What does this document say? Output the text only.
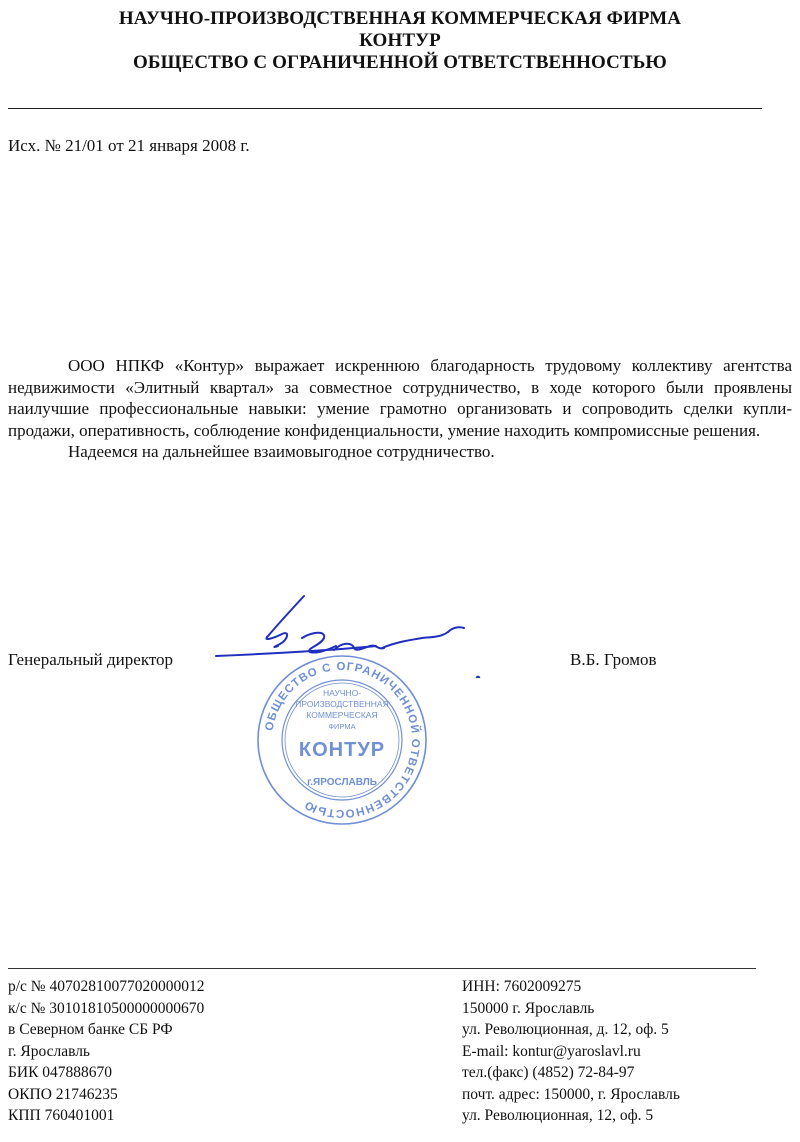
НАУЧНО-ПРОИЗВОДСТВЕННАЯ КОММЕРЧЕСКАЯ ФИРМА
КОНТУР
ОБЩЕСТВО С ОГРАНИЧЕННОЙ ОТВЕТСТВЕННОСТЬЮ
Исх. № 21/01 от 21 января 2008 г.

ООО НПКФ «Контур» выражает искреннюю благодарность трудовому коллективу агентства недвижимости «Элитный квартал» за совместное сотрудничество, в ходе которого были проявлены наилучшие профессиональные навыки: умение грамотно организовать и сопроводить сделки купли-продажи, оперативность, соблюдение конфиденциальности, умение находить компромиссные решения.

Надеемся на дальнейшее взаимовыгодное сотрудничество.

ОБЩЕСТВО С ОГРАНИЧЕННОЙ ОТВЕТСТВЕННОСТЬЮ
НАУЧНО-
ПРОИЗВОДСТВЕННАЯ
КОММЕРЧЕСКАЯ
ФИРМА
КОНТУР
г.ЯРОСЛАВЛЬ
Генеральный директор	В.Б. Громов
р/с № 40702810077020000012
к/с № 30101810500000000670
в Северном банке СБ РФ
г. Ярославль
БИК 047888670
ОКПО 21746235
КПП 760401001
ИНН: 7602009275
150000 г. Ярославль
ул. Революционная, д. 12, оф. 5
E-mail: kontur@yaroslavl.ru
тел.(факс) (4852) 72-84-97
почт. адрес: 150000, г. Ярославль
ул. Революционная, 12, оф. 5
